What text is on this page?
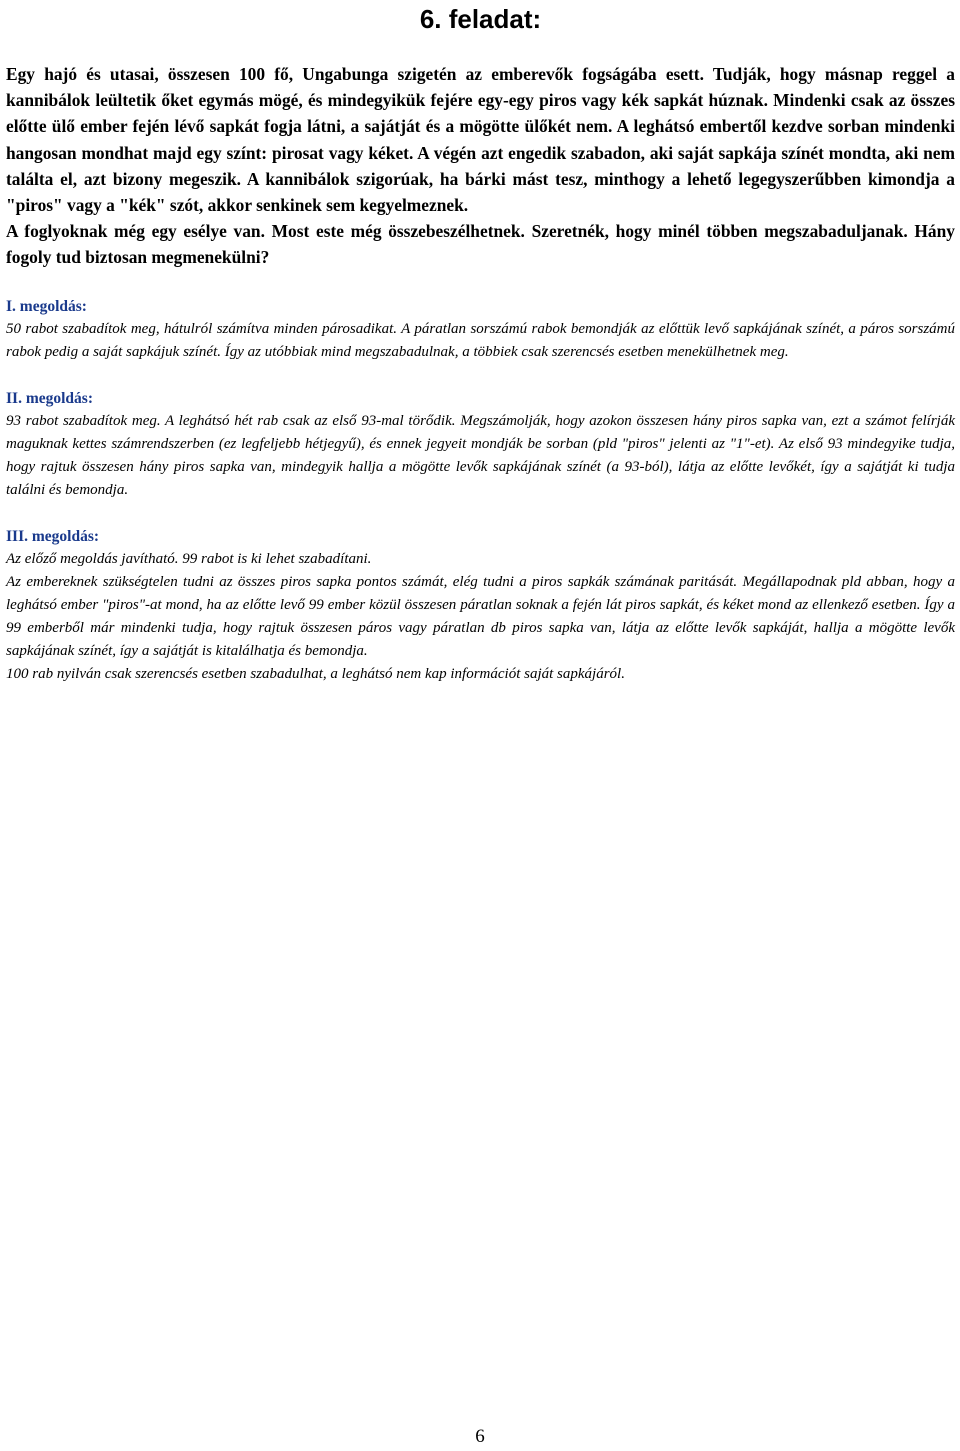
6. feladat:

Egy hajó és utasai, összesen 100 fő, Ungabunga szigetén az emberevők fogságába esett. Tudják, hogy másnap reggel a kannibálok leültetik őket egymás mögé, és mindegyikük fejére egy-egy piros vagy kék sapkát húznak. Mindenki csak az összes előtte ülő ember fején lévő sapkát fogja látni, a sajátját és a mögötte ülőkét nem. A leghátsó embertől kezdve sorban mindenki hangosan mondhat majd egy színt: pirosat vagy kéket. A végén azt engedik szabadon, aki saját sapkája színét mondta, aki nem találta el, azt bizony megeszik. A kannibálok szigorúak, ha bárki mást tesz, minthogy a lehető legegyszerűbben kimondja a "piros" vagy a "kék" szót, akkor senkinek sem kegyelmeznek.

A foglyoknak még egy esélye van. Most este még összebeszélhetnek. Szeretnék, hogy minél többen megszabaduljanak. Hány fogoly tud biztosan megmenekülni?

I. megoldás:

50 rabot szabadítok meg, hátulról számítva minden párosadikat. A páratlan sorszámú rabok bemondják az előttük levő sapkájának színét, a páros sorszámú rabok pedig a saját sapkájuk színét. Így az utóbbiak mind megszabadulnak, a többiek csak szerencsés esetben menekülhetnek meg.

II. megoldás:

93 rabot szabadítok meg. A leghátsó hét rab csak az első 93-mal törődik. Megszámolják, hogy azokon összesen hány piros sapka van, ezt a számot felírják maguknak kettes számrendszerben (ez legfeljebb hétjegyű), és ennek jegyeit mondják be sorban (pld "piros" jelenti az "1"-et). Az első 93 mindegyike tudja, hogy rajtuk összesen hány piros sapka van, mindegyik hallja a mögötte levők sapkájának színét (a 93-ból), látja az előtte levőkét, így a sajátját ki tudja találni és bemondja.

III. megoldás:

Az előző megoldás javítható. 99 rabot is ki lehet szabadítani.

Az embereknek szükségtelen tudni az összes piros sapka pontos számát, elég tudni a piros sapkák számának paritását. Megállapodnak pld abban, hogy a leghátsó ember "piros"-at mond, ha az előtte levő 99 ember közül összesen páratlan soknak a fején lát piros sapkát, és kéket mond az ellenkező esetben. Így a 99 emberből már mindenki tudja, hogy rajtuk összesen páros vagy páratlan db piros sapka van, látja az előtte levők sapkáját, hallja a mögötte levők sapkájának színét, így a sajátját is kitalálhatja és bemondja.

100 rab nyilván csak szerencsés esetben szabadulhat, a leghátsó nem kap információt saját sapkájáról.

6
